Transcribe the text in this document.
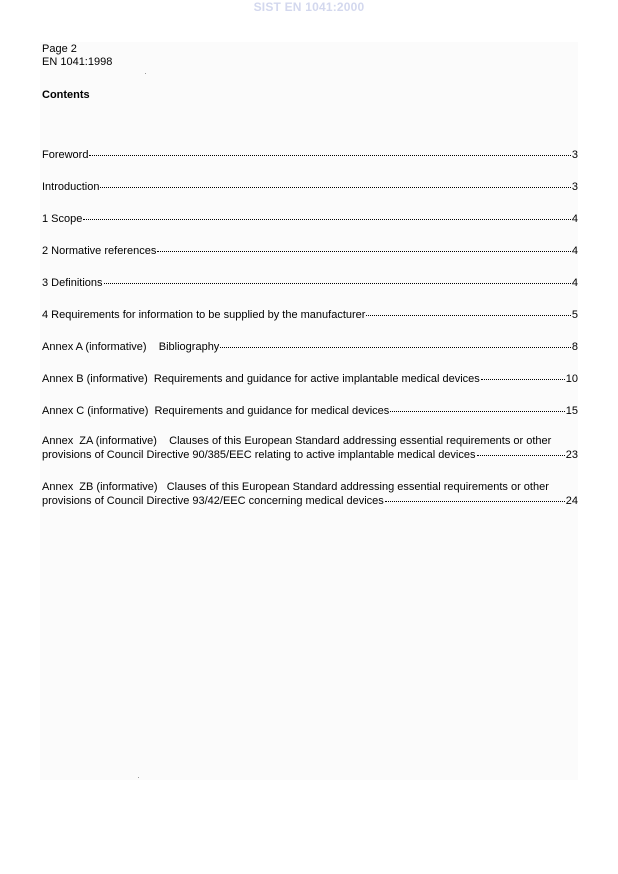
SIST EN 1041:2000
Page 2
EN 1041:1998
Contents
Foreword	3
Introduction	3
1 Scope	4
2 Normative references	4
3 Definitions	4
4 Requirements for information to be supplied by the manufacturer	5
Annex A (informative)    Bibliography	8
Annex B (informative)  Requirements and guidance for active implantable medical devices	10
Annex C (informative)  Requirements and guidance for medical devices	15
Annex  ZA (informative)    Clauses of this European Standard addressing essential requirements or other
provisions of Council Directive 90/385/EEC relating to active implantable medical devices	23
Annex  ZB (informative)   Clauses of this European Standard addressing essential requirements or other
provisions of Council Directive 93/42/EEC concerning medical devices	24
